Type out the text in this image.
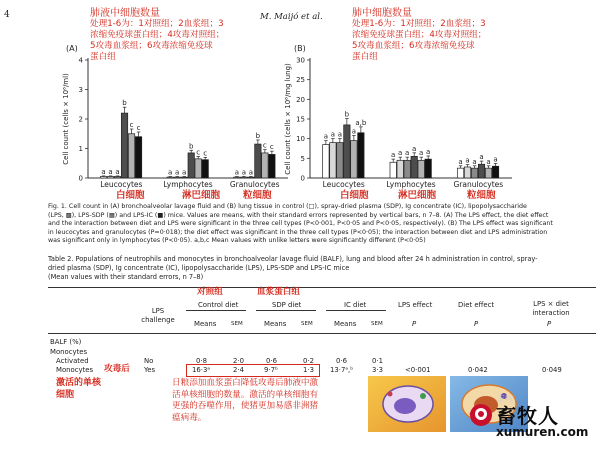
4	M. Maijó et al.
肺液中细胞数量
处理1-6为：1对照组；2血浆组；3
浓缩免疫球蛋白组；4攻毒对照组；
5攻毒血浆组；6攻毒浓缩免疫球
蛋白组
肺中细胞数量
处理1-6为：1对照组；2血浆组；3
浓缩免疫球蛋白组；4攻毒对照组；
5攻毒血浆组；6攻毒浓缩免疫球
蛋白组
(A)	(B)
0
1
2
3
4
Cell count (cells × 10⁶/ml)
a a a
b
c c
Leucocytes
a a a
b
c c
Lymphocytes
a a a
b
c c
Granulocytes
0
5
10
15
20
25
30
Cell count (cells × 10⁶/mg lung)	a a a
b
a
a,b
Leucocytes
a a a
a
a a
Lymphocytes
a a a
a
a a
Granulocytes
白细胞	淋巴细胞 粒细胞	白细胞	淋巴细胞	粒细胞
Fig. 1. Cell count in (A) bronchoalveolar lavage fluid and (B) lung tissue in control (□), spray-dried plasma (SDP), Ig concentrate (IC), lipopolysaccharide
(LPS, ▩), LPS-SDP (▦) and LPS-IC (■) mice. Values are means, with their standard errors represented by vertical bars, n 7–8. (A) The LPS effect, the diet effect
and the interaction between diet and LPS were significant in the three cell types (P<0·001, P<0·05 and P<0·05, respectively). (B) The LPS effect was significant
in leucocytes and granulocytes (P=0·018); the diet effect was significant in the three cell types (P<0·05); the interaction between diet and LPS administration
was significant only in lymphocytes (P<0·05). a,b,c Mean values with unlike letters were significantly different (P<0·05)
Table 2. Populations of neutrophils and monocytes in bronchoalveolar lavage fluid (BALF), lung and blood after 24 h administration in control, spray-
dried plasma (SDP), Ig concentrate (IC), lipopolysaccharide (LPS), LPS-SDP and LPS-IC mice
(Mean values with their standard errors, n 7–8)
对照组	血浆蛋白组
LPS
challenge
Control diet	SDP diet	IC diet	LPS effect	Diet effect	LPS × diet
interaction
Means	SEM	Means	SEM	Means	SEM	P	P	P
BALF (%)
Monocytes
Activated
Monocytes
No	0·8	2·0	0·6	0·2	0·6	0·1
攻毒后 Yes	16·3ᵃ	2·4	9·7ᵇ	1·3 13·7ᵃ,ᵇ	3·3	<0·001	0·042	0·049
激活的单核细胞
日粮添加血浆蛋白降低攻毒后肺液中激
活单核细胞的数量。激活的单核细胞有
更强的吞噬作用，使猪更加易感非洲猪
瘟病毒。
丰牧
畜牧人
xumuren.com
